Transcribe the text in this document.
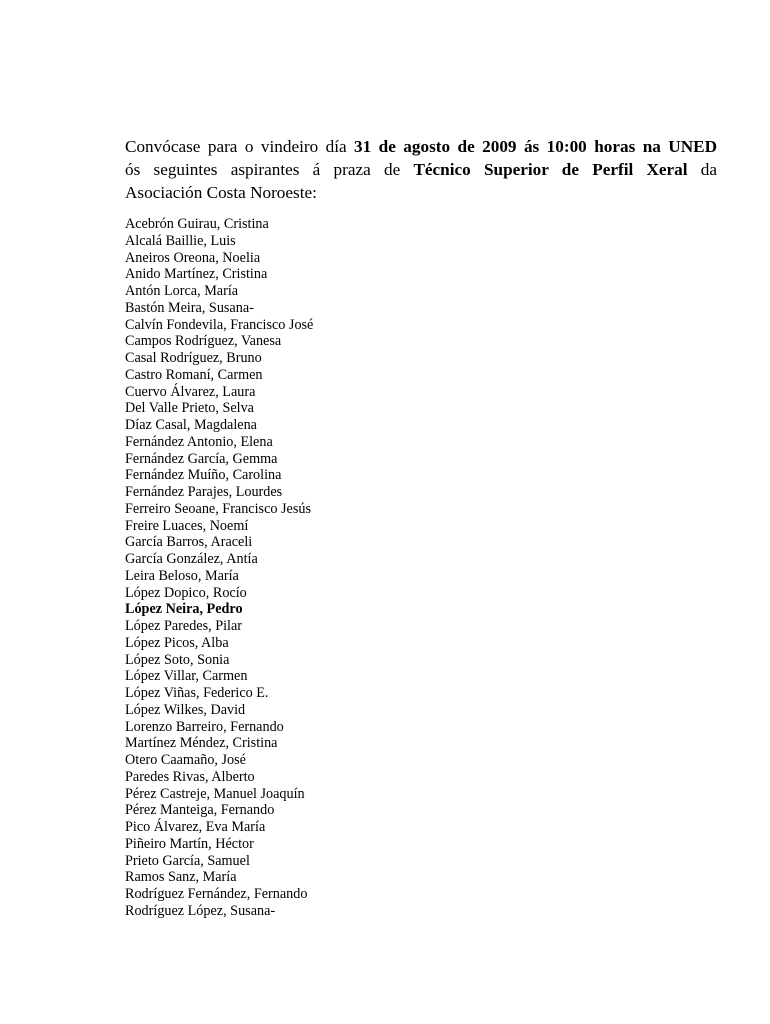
Convócase para o vindeiro día 31 de agosto de 2009 ás 10:00 horas na UNED
ós seguintes aspirantes á praza de Técnico Superior de Perfil Xeral da
Asociación Costa Noroeste:

Acebrón Guirau, Cristina
Alcalá Baillie, Luis
Aneiros Oreona, Noelia
Anido Martínez, Cristina
Antón Lorca, María
Bastón Meira, Susana-
Calvín Fondevila, Francisco José
Campos Rodríguez, Vanesa
Casal Rodríguez, Bruno
Castro Romaní, Carmen
Cuervo Álvarez, Laura
Del Valle Prieto, Selva
Díaz Casal, Magdalena
Fernández Antonio, Elena
Fernández García, Gemma
Fernández Muíño, Carolina
Fernández Parajes, Lourdes
Ferreiro Seoane, Francisco Jesús
Freire Luaces, Noemí
García Barros, Araceli
García González, Antía
Leira Beloso, María
López Dopico, Rocío
López Neira, Pedro
López Paredes, Pilar
López Picos, Alba
López Soto, Sonia
López Villar, Carmen
López Viñas, Federico E.
López Wilkes, David
Lorenzo Barreiro, Fernando
Martínez Méndez, Cristina
Otero Caamaño, José
Paredes Rivas, Alberto
Pérez Castreje, Manuel Joaquín
Pérez Manteiga, Fernando
Pico Álvarez, Eva María
Piñeiro Martín, Héctor
Prieto García, Samuel
Ramos Sanz, María
Rodríguez Fernández, Fernando
Rodríguez López, Susana-
